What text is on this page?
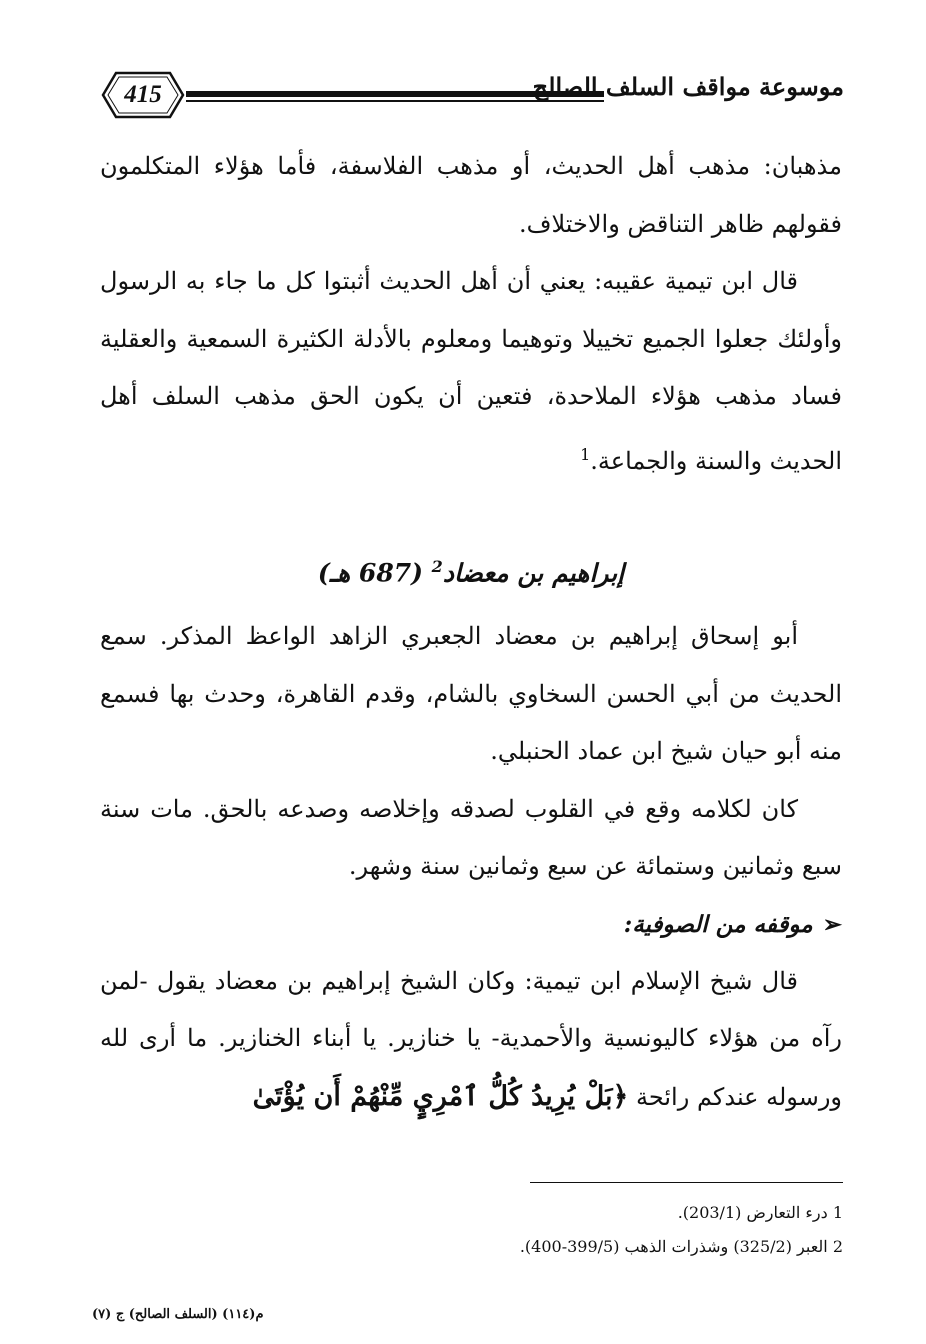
415	موسوعة مواقف السلف الصالح

مذهبان: مذهب أهل الحديث، أو مذهب الفلاسفة، فأما هؤلاء المتكلمون فقولهم ظاهر التناقض والاختلاف.

قال ابن تيمية عقيبه: يعني أن أهل الحديث أثبتوا كل ما جاء به الرسول وأولئك جعلوا الجميع تخييلا وتوهيما ومعلوم بالأدلة الكثيرة السمعية والعقلية فساد مذهب هؤلاء الملاحدة، فتعين أن يكون الحق مذهب السلف أهل الحديث والسنة والجماعة.$^1$

إبراهيم بن معضاد$^2$ (687 هـ)

أبو إسحاق إبراهيم بن معضاد الجعبري الزاهد الواعظ المذكر. سمع الحديث من أبي الحسن السخاوي بالشام، وقدم القاهرة، وحدث بها فسمع منه أبو حيان شيخ ابن عماد الحنبلي.

كان لكلامه وقع في القلوب لصدقه وإخلاصه وصدعه بالحق. مات سنة سبع وثمانين وستمائة عن سبع وثمانين سنة وشهر.

➢موقفه من الصوفية:

قال شيخ الإسلام ابن تيمية: وكان الشيخ إبراهيم بن معضاد يقول -لمن رآه من هؤلاء كاليونسية والأحمدية- يا خنازير. يا أبناء الخنازير. ما أرى لله ورسوله عندكم رائحة ﴿بَلْ يُرِيدُ كُلُّ ٱمْرِيٍٕ مِّنْهُمْ أَن يُؤْتَىٰ

1 درء التعارض (203/1).

2 العبر (325/2) وشذرات الذهب (399/5-400).

م(١١٤) (السلف الصالح) ج (٧)
